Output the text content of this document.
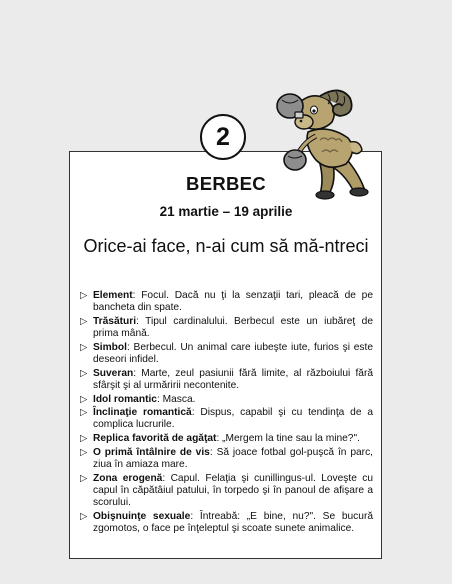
2
BERBEC
21 martie – 19 aprilie
Orice-ai face, n-ai cum să mă-ntreci
▷ Element: Focul. Dacă nu ţi la senzaţii tari, pleacă de pe bancheta din spate.
▷ Trăsături: Tipul cardinalului. Berbecul este un iubăreţ de prima mână.
▷ Simbol: Berbecul. Un animal care iubeşte iute, furios şi este deseori infidel.
▷ Suveran: Marte, zeul pasiunii fără limite, al războiului fără sfârşit şi al urmăririi necontenite.
▷ Idol romantic: Masca.
▷ Înclinaţie romantică: Dispus, capabil şi cu tendinţa de a complica lucrurile.
▷ Replica favorită de agăţat: „Mergem la tine sau la mine?".
▷ O primă întâlnire de vis: Să joace fotbal gol-puşcă în parc, ziua în amiaza mare.
▷ Zona erogenă: Capul. Felaţia şi cunillingus-ul. Loveşte cu capul în căpătâiul patului, în torpedo şi în panoul de afişare a scorului.
▷ Obişnuinţe sexuale: Întreabă: „E bine, nu?". Se bucură zgomotos, o face pe înţeleptul şi scoate sunete animalice.
